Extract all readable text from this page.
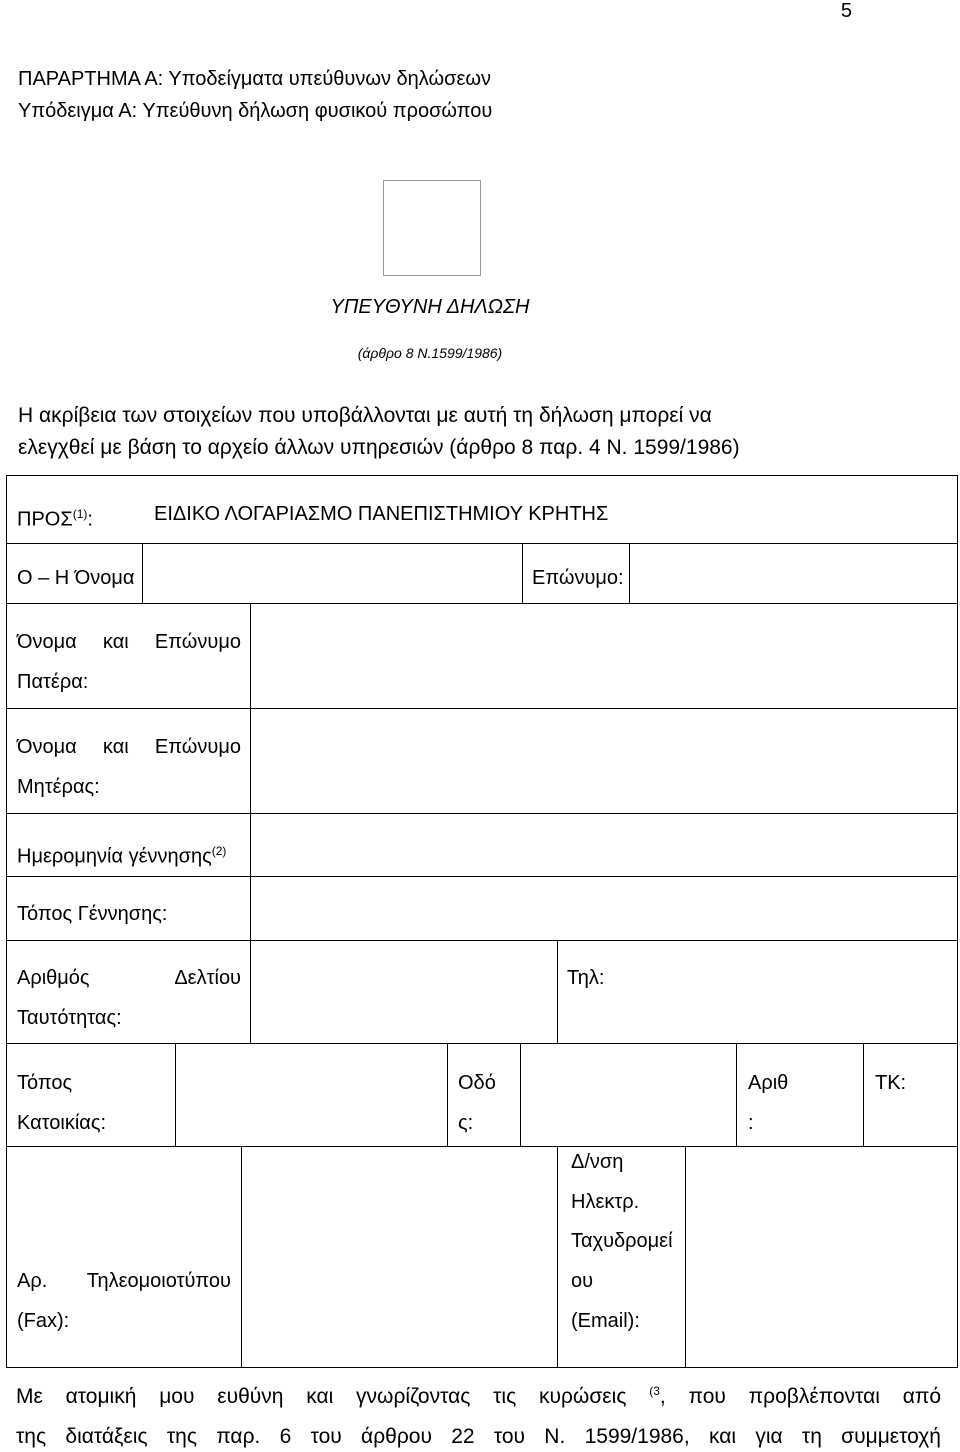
5
ΠΑΡΑΡΤΗΜΑ Α: Υποδείγματα υπεύθυνων δηλώσεων
Υπόδειγμα Α: Υπεύθυνη δήλωση φυσικού προσώπου
ΥΠΕΥΘΥΝΗ ΔΗΛΩΣΗ
(άρθρο 8 Ν.1599/1986)
Η ακρίβεια των στοιχείων που υποβάλλονται με αυτή τη δήλωση μπορεί να
ελεγχθεί με βάση το αρχείο άλλων υπηρεσιών (άρθρο 8 παρ. 4 Ν. 1599/1986)
ΠΡΟΣ$^{(1)}$:	ΕΙΔΙΚΟ ΛΟΓΑΡΙΑΣΜΟ ΠΑΝΕΠΙΣΤΗΜΙΟΥ ΚΡΗΤΗΣ
Ο – Η Όνομα	Επώνυμο:
Όνομα και Επώνυμο
Πατέρα:
Όνομα και Επώνυμο
Μητέρας:
Ημερομηνία γέννησης$^{(2)}$
Τόπος Γέννησης:
Αριθμός Δελτίου
Ταυτότητας:
Τηλ:
Τόπος
Κατοικίας:
Οδό
ς:
Αριθ
:
ΤΚ:
Αρ. Τηλεομοιοτύπου
(Fax):
Δ/νση
Ηλεκτρ.
Ταχυδρομεί
ου
(Email):
Με ατομική μου ευθύνη και γνωρίζοντας τις κυρώσεις $^{(3}$, που προβλέπονται από
της διατάξεις της παρ. 6 του άρθρου 22 του Ν. 1599/1986, και για τη συμμετοχή
